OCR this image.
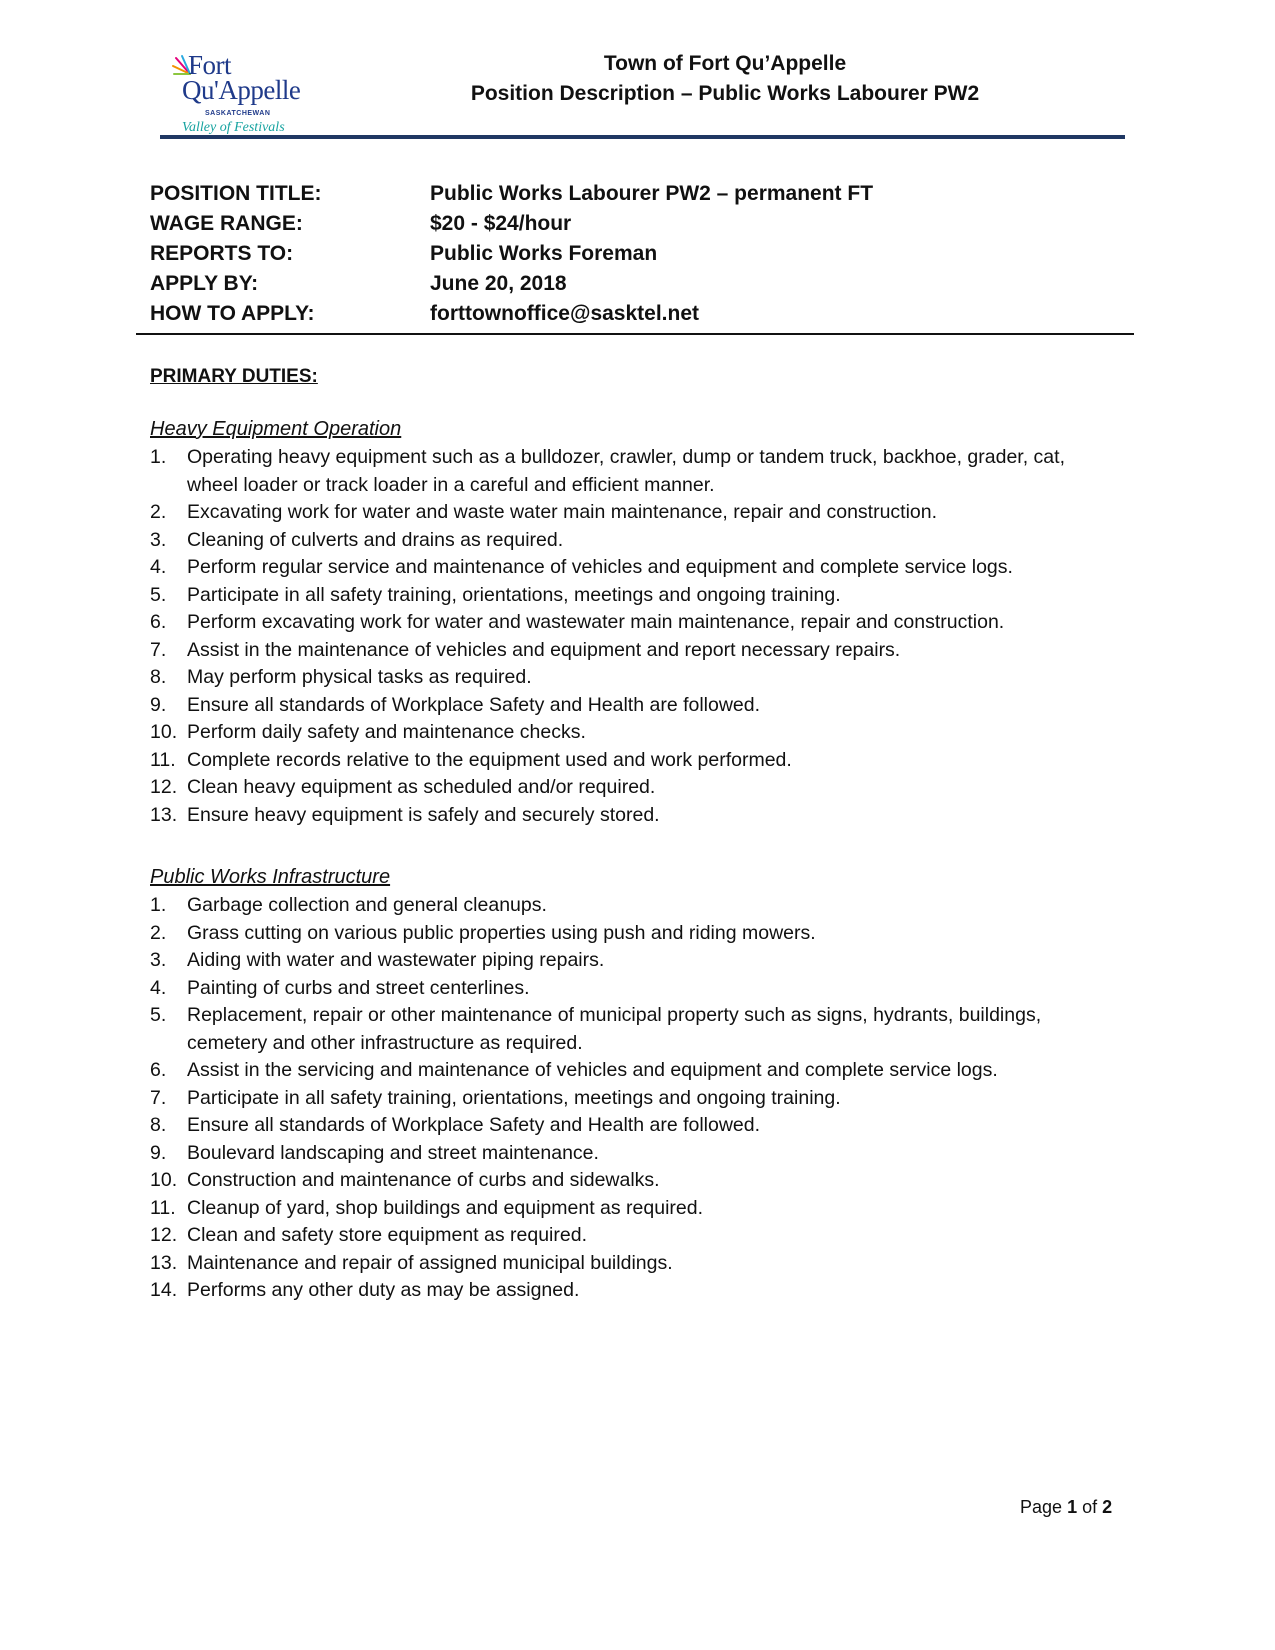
Fort
Qu'Appelle
SASKATCHEWAN
Valley of Festivals
Town of Fort Qu’Appelle
Position Description – Public Works Labourer PW2
POSITION TITLE:	Public Works Labourer PW2 – permanent FT
WAGE RANGE:	$20 - $24/hour
REPORTS TO:	Public Works Foreman
APPLY BY:	June 20, 2018
HOW TO APPLY:	forttownoffice@sasktel.net
PRIMARY DUTIES:
Heavy Equipment Operation
1.	Operating heavy equipment such as a bulldozer, crawler, dump or tandem truck, backhoe, grader, cat, wheel loader or track loader in a careful and efficient manner.
2.	Excavating work for water and waste water main maintenance, repair and construction.
3.	Cleaning of culverts and drains as required.
4.	Perform regular service and maintenance of vehicles and equipment and complete service logs.
5.	Participate in all safety training, orientations, meetings and ongoing training.
6.	Perform excavating work for water and wastewater main maintenance, repair and construction.
7.	Assist in the maintenance of vehicles and equipment and report necessary repairs.
8.	May perform physical tasks as required.
9.	Ensure all standards of Workplace Safety and Health are followed.
10. Perform daily safety and maintenance checks.
11. Complete records relative to the equipment used and work performed.
12. Clean heavy equipment as scheduled and/or required.
13. Ensure heavy equipment is safely and securely stored.
Public Works Infrastructure
1.	Garbage collection and general cleanups.
2.	Grass cutting on various public properties using push and riding mowers.
3.	Aiding with water and wastewater piping repairs.
4.	Painting of curbs and street centerlines.
5.	Replacement, repair or other maintenance of municipal property such as signs, hydrants, buildings, cemetery and other infrastructure as required.
6.	Assist in the servicing and maintenance of vehicles and equipment and complete service logs.
7.	Participate in all safety training, orientations, meetings and ongoing training.
8.	Ensure all standards of Workplace Safety and Health are followed.
9.	Boulevard landscaping and street maintenance.
10. Construction and maintenance of curbs and sidewalks.
11. Cleanup of yard, shop buildings and equipment as required.
12. Clean and safety store equipment as required.
13. Maintenance and repair of assigned municipal buildings.
14. Performs any other duty as may be assigned.
Page 1 of 2
